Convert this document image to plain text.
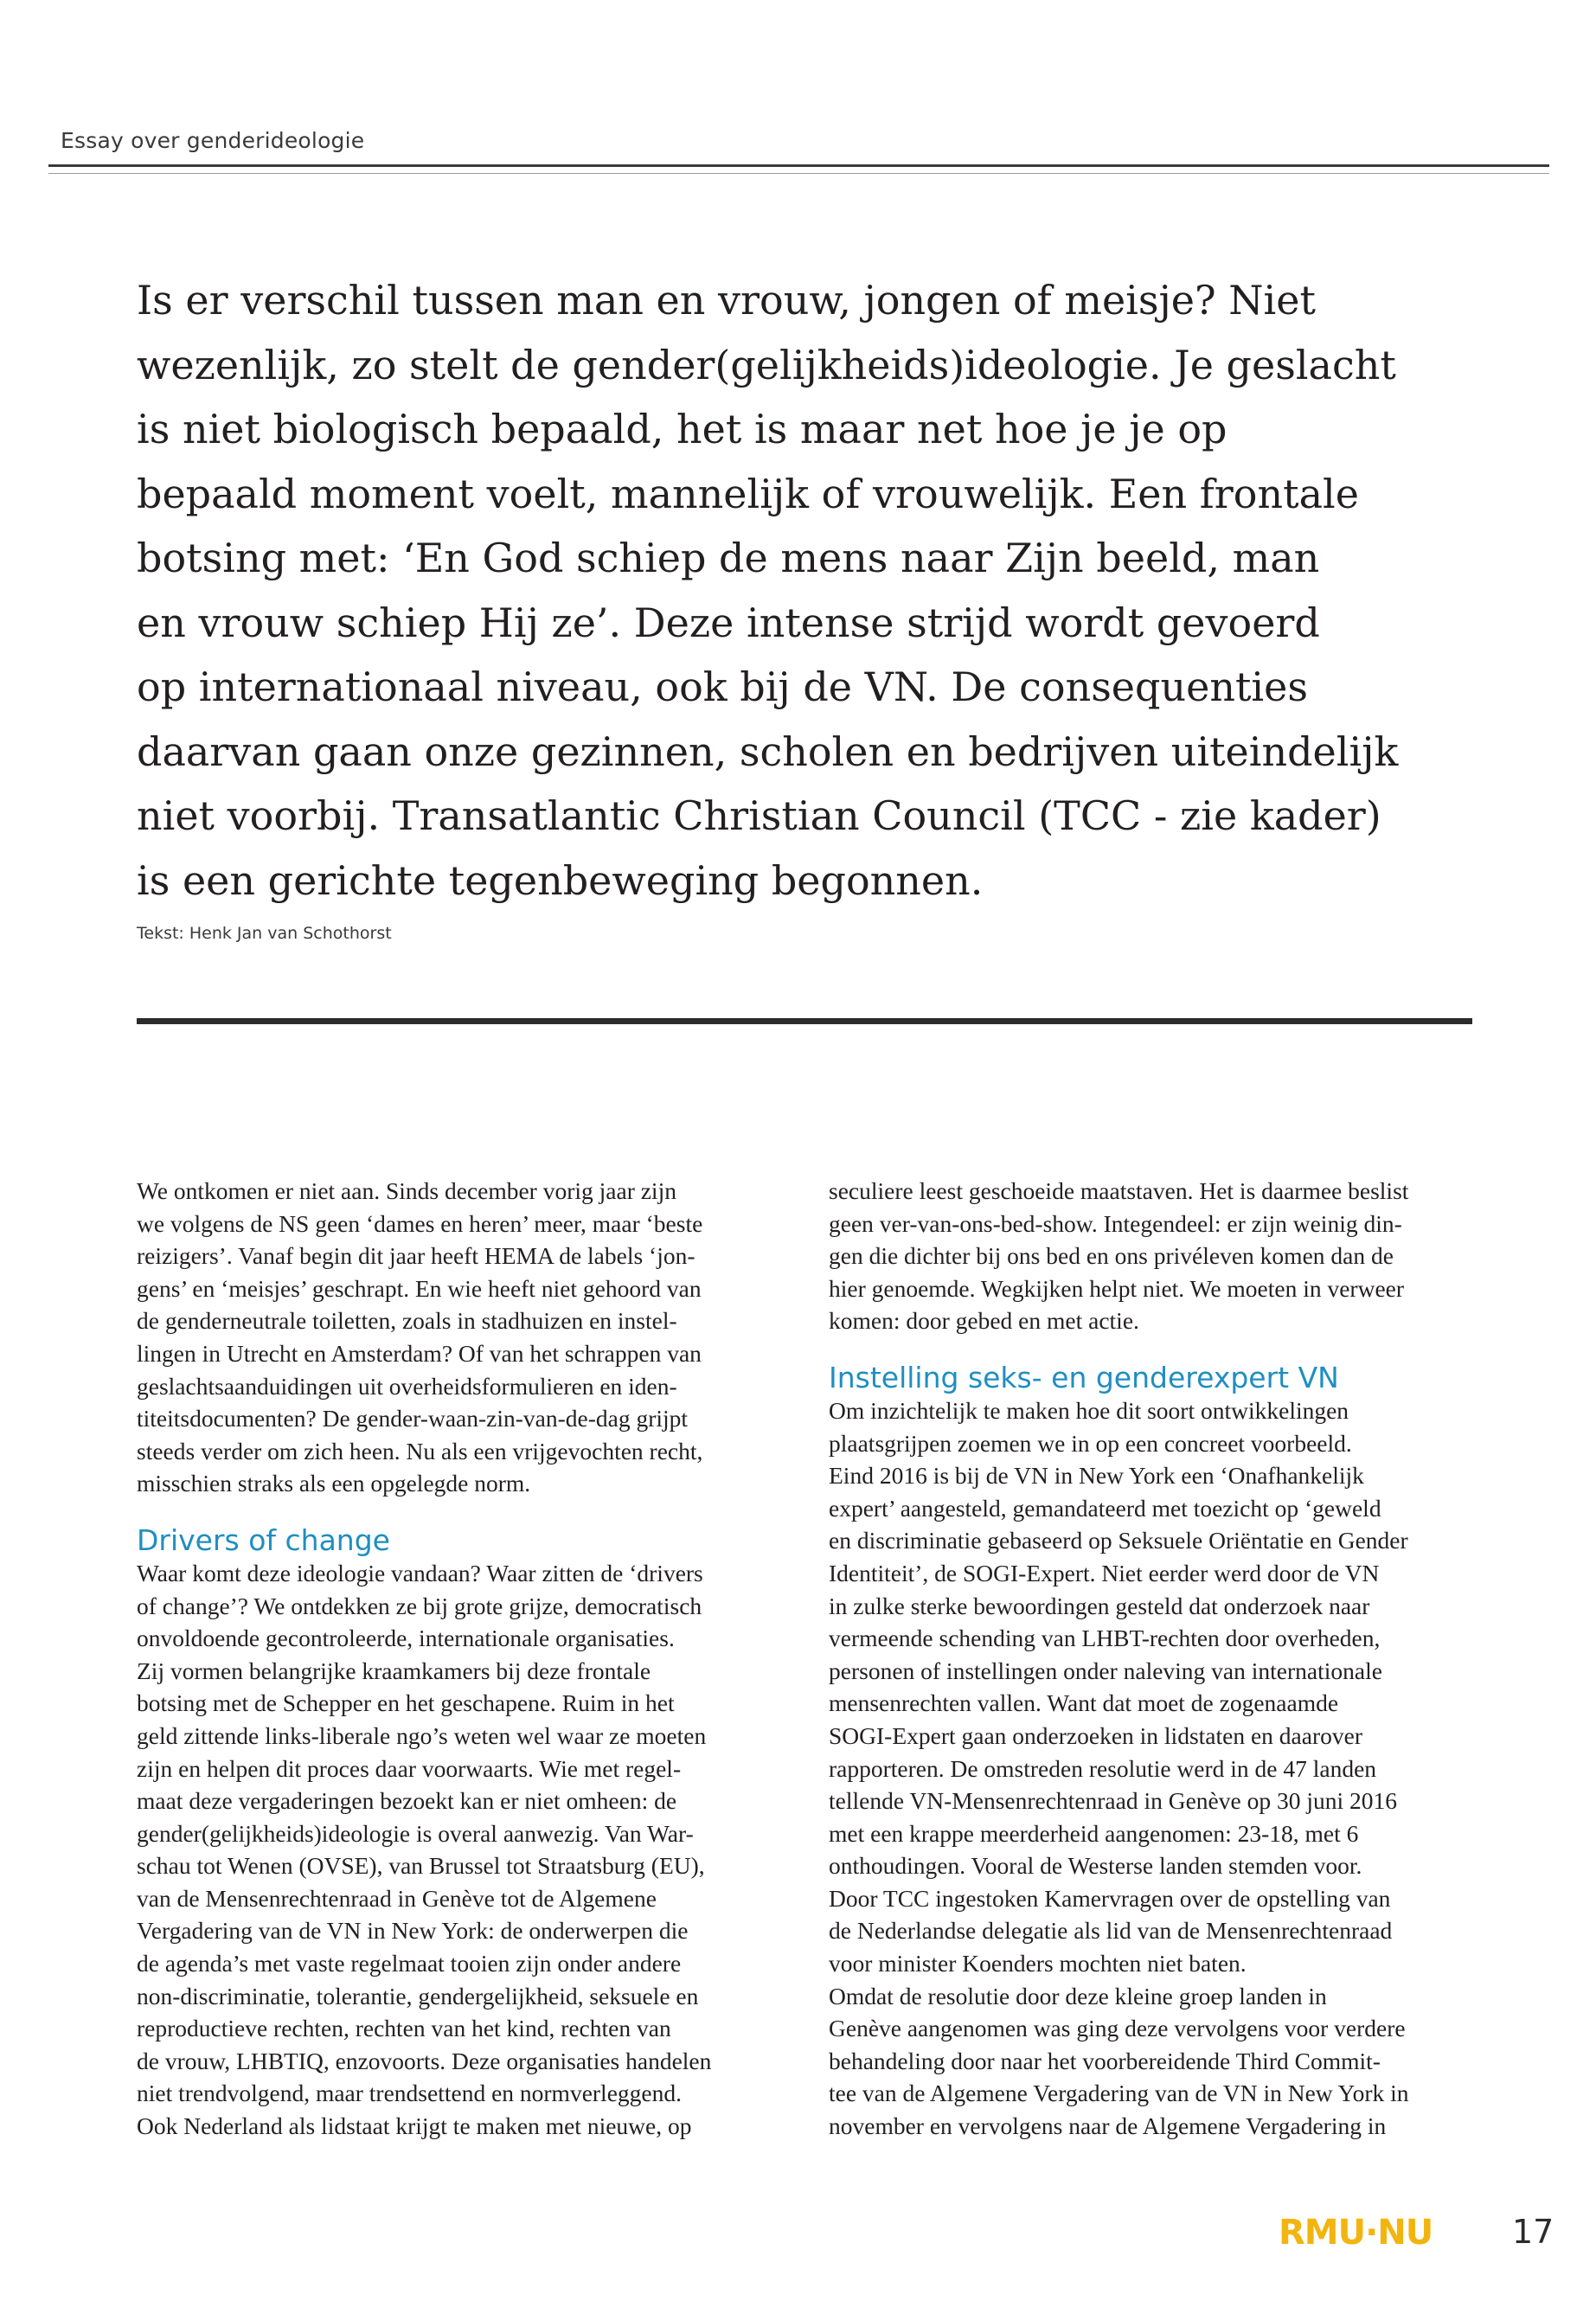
Essay over genderideologie

Is er verschil tussen man en vrouw, jongen of meisje? Niet
wezenlijk, zo stelt de gender(gelijkheids)ideologie. Je geslacht
is niet biologisch bepaald, het is maar net hoe je je op
bepaald moment voelt, mannelijk of vrouwelijk. Een frontale
botsing met: ‘En God schiep de mens naar Zijn beeld, man
en vrouw schiep Hij ze’. Deze intense strijd wordt gevoerd
op internationaal niveau, ook bij de VN. De consequenties
daarvan gaan onze gezinnen, scholen en bedrijven uiteindelijk
niet voorbij. Transatlantic Christian Council (TCC - zie kader)
is een gerichte tegenbeweging begonnen.

Tekst: Henk Jan van Schothorst
We ontkomen er niet aan. Sinds december vorig jaar zijn
we volgens de NS geen ‘dames en heren’ meer, maar ‘beste
reizigers’. Vanaf begin dit jaar heeft HEMA de labels ‘jon-
gens’ en ‘meisjes’ geschrapt. En wie heeft niet gehoord van
de genderneutrale toiletten, zoals in stadhuizen en instel-
lingen in Utrecht en Amsterdam? Of van het schrappen van
geslachtsaanduidingen uit overheidsformulieren en iden-
titeitsdocumenten? De gender-waan-zin-van-de-dag grijpt
steeds verder om zich heen. Nu als een vrijgevochten recht,
misschien straks als een opgelegde norm.
Drivers of change
Waar komt deze ideologie vandaan? Waar zitten de ‘drivers
of change’? We ontdekken ze bij grote grijze, democratisch
onvoldoende gecontroleerde, internationale organisaties.
Zij vormen belangrijke kraamkamers bij deze frontale
botsing met de Schepper en het geschapene. Ruim in het
geld zittende links-liberale ngo’s weten wel waar ze moeten
zijn en helpen dit proces daar voorwaarts. Wie met regel-
maat deze vergaderingen bezoekt kan er niet omheen: de
gender(gelijkheids)ideologie is overal aanwezig. Van War-
schau tot Wenen (OVSE), van Brussel tot Straatsburg (EU),
van de Mensenrechtenraad in Genève tot de Algemene
Vergadering van de VN in New York: de onderwerpen die
de agenda’s met vaste regelmaat tooien zijn onder andere
non-discriminatie, tolerantie, gendergelijkheid, seksuele en
reproductieve rechten, rechten van het kind, rechten van
de vrouw, LHBTIQ, enzovoorts. Deze organisaties handelen
niet trendvolgend, maar trendsettend en normverleggend.
Ook Nederland als lidstaat krijgt te maken met nieuwe, op
seculiere leest geschoeide maatstaven. Het is daarmee beslist
geen ver-van-ons-bed-show. Integendeel: er zijn weinig din-
gen die dichter bij ons bed en ons privéleven komen dan de
hier genoemde. Wegkijken helpt niet. We moeten in verweer
komen: door gebed en met actie.
Instelling seks- en genderexpert VN
Om inzichtelijk te maken hoe dit soort ontwikkelingen
plaatsgrijpen zoemen we in op een concreet voorbeeld.
Eind 2016 is bij de VN in New York een ‘Onafhankelijk
expert’ aangesteld, gemandateerd met toezicht op ‘geweld
en discriminatie gebaseerd op Seksuele Oriëntatie en Gender
Identiteit’, de SOGI-Expert. Niet eerder werd door de VN
in zulke sterke bewoordingen gesteld dat onderzoek naar
vermeende schending van LHBT-rechten door overheden,
personen of instellingen onder naleving van internationale
mensenrechten vallen. Want dat moet de zogenaamde
SOGI-Expert gaan onderzoeken in lidstaten en daarover
rapporteren. De omstreden resolutie werd in de 47 landen
tellende VN-Mensenrechtenraad in Genève op 30 juni 2016
met een krappe meerderheid aangenomen: 23-18, met 6
onthoudingen. Vooral de Westerse landen stemden voor.
Door TCC ingestoken Kamervragen over de opstelling van
de Nederlandse delegatie als lid van de Mensenrechtenraad
voor minister Koenders mochten niet baten.
Omdat de resolutie door deze kleine groep landen in
Genève aangenomen was ging deze vervolgens voor verdere
behandeling door naar het voorbereidende Third Commit-
tee van de Algemene Vergadering van de VN in New York in
november en vervolgens naar de Algemene Vergadering in
RMU·NU 17
